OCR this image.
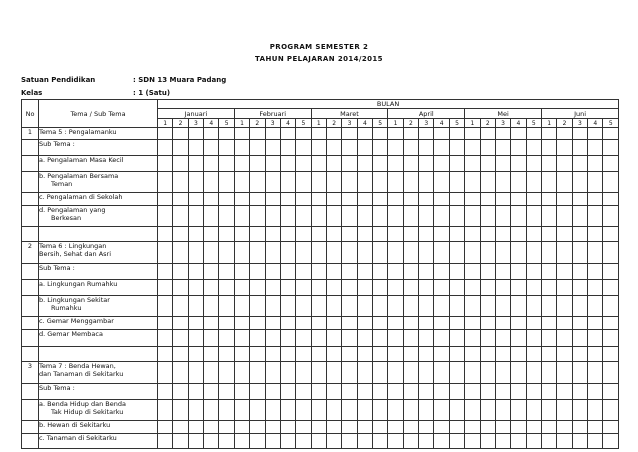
PROGRAM SEMESTER 2
TAHUN PELAJARAN 2014/2015
Satuan Pendidikan	: SDN 13 Muara Padang
Kelas	: 1 (Satu)
No	Tema / Sub Tema	BULAN																													
		Januari					Februari					Maret					April					Mei					Juni				
		1	2	3	4	5	1	2	3	4	5	1	2	3	4	5	1	2	3	4	5	1	2	3	4	5	1	2	3	4	5
1	Tema 5 : Pengalamanku																														
	Sub Tema :																														
	a. Pengalaman Masa Kecil																														
	b. Pengalaman Bersama
Teman																														

	c. Pengalaman di Sekolah																														
	d. Pengalaman yang
Berkesan																														

2	Tema 6 : Lingkungan
Bersih, Sehat dan Asri																														

	Sub Tema :																														
	a. Lingkungan Rumahku																														
	b. Lingkungan Sekitar
Rumahku																														

	c. Gemar Menggambar																														
	d. Gemar Membaca																														

3	Tema 7 : Benda Hewan,
dan Tanaman di Sekitarku																														

	Sub Tema :																														
	a. Benda Hidup dan Benda
Tak Hidup di Sekitarku																														

	b. Hewan di Sekitarku																														
	c. Tanaman di Sekitarku																														
